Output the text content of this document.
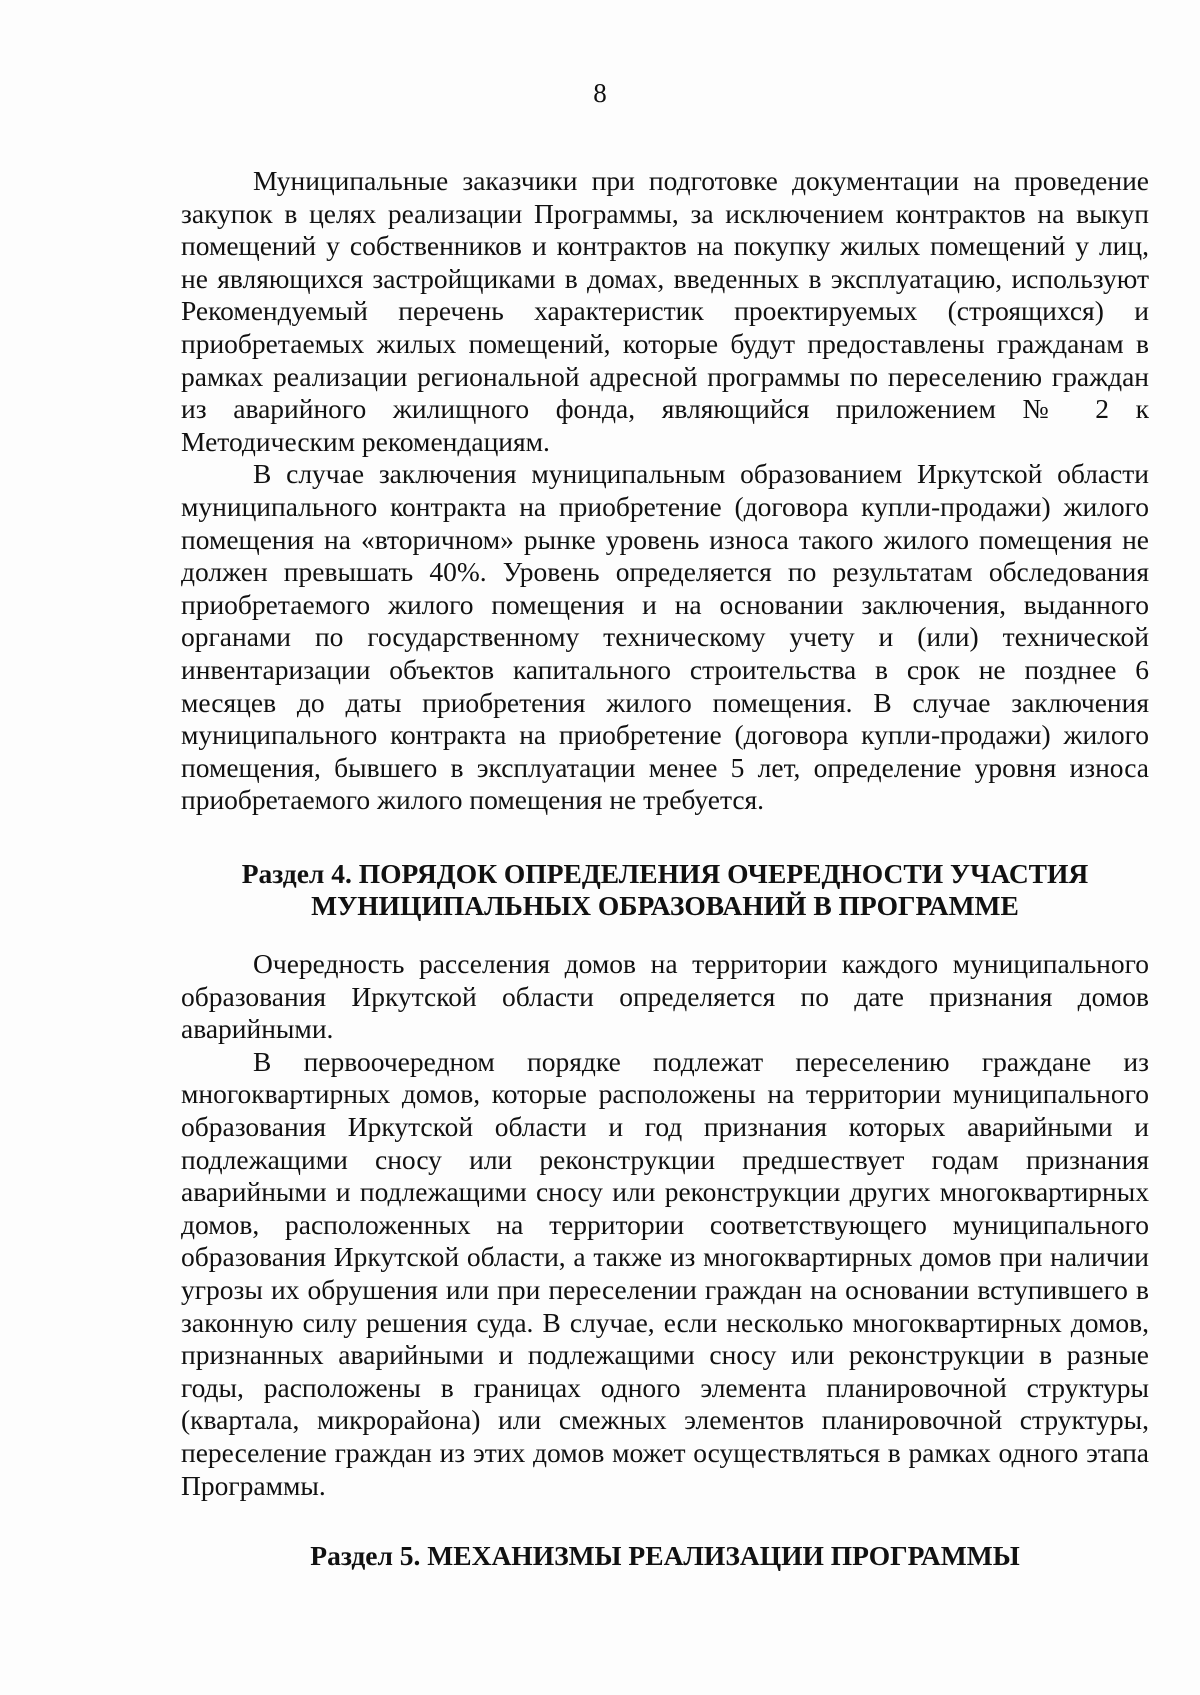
8

Муниципальные заказчики при подготовке документации на проведение закупок в целях реализации Программы, за исключением контрактов на выкуп помещений у собственников и контрактов на покупку жилых помещений у лиц, не являющихся застройщиками в домах, введенных в эксплуатацию, используют Рекомендуемый перечень характеристик проектируемых (строящихся) и приобретаемых жилых помещений, которые будут предоставлены гражданам в рамках реализации региональной адресной программы по переселению граждан из аварийного жилищного фонда, являющийся приложением № 2 к Методическим рекомендациям.

В случае заключения муниципальным образованием Иркутской области муниципального контракта на приобретение (договора купли-продажи) жилого помещения на «вторичном» рынке уровень износа такого жилого помещения не должен превышать 40%. Уровень определяется по результатам обследования приобретаемого жилого помещения и на основании заключения, выданного органами по государственному техническому учету и (или) технической инвентаризации объектов капитального строительства в срок не позднее 6 месяцев до даты приобретения жилого помещения. В случае заключения муниципального контракта на приобретение (договора купли-продажи) жилого помещения, бывшего в эксплуатации менее 5 лет, определение уровня износа приобретаемого жилого помещения не требуется.

Раздел 4. ПОРЯДОК ОПРЕДЕЛЕНИЯ ОЧЕРЕДНОСТИ УЧАСТИЯ
МУНИЦИПАЛЬНЫХ ОБРАЗОВАНИЙ В ПРОГРАММЕ

Очередность расселения домов на территории каждого муниципального образования Иркутской области определяется по дате признания домов аварийными.

В первоочередном порядке подлежат переселению граждане из многоквартирных домов, которые расположены на территории муниципального образования Иркутской области и год признания которых аварийными и подлежащими сносу или реконструкции предшествует годам признания аварийными и подлежащими сносу или реконструкции других многоквартирных домов, расположенных на территории соответствующего муниципального образования Иркутской области, а также из многоквартирных домов при наличии угрозы их обрушения или при переселении граждан на основании вступившего в законную силу решения суда. В случае, если несколько многоквартирных домов, признанных аварийными и подлежащими сносу или реконструкции в разные годы, расположены в границах одного элемента планировочной структуры (квартала, микрорайона) или смежных элементов планировочной структуры, переселение граждан из этих домов может осуществляться в рамках одного этапа Программы.

Раздел 5. МЕХАНИЗМЫ РЕАЛИЗАЦИИ ПРОГРАММЫ
